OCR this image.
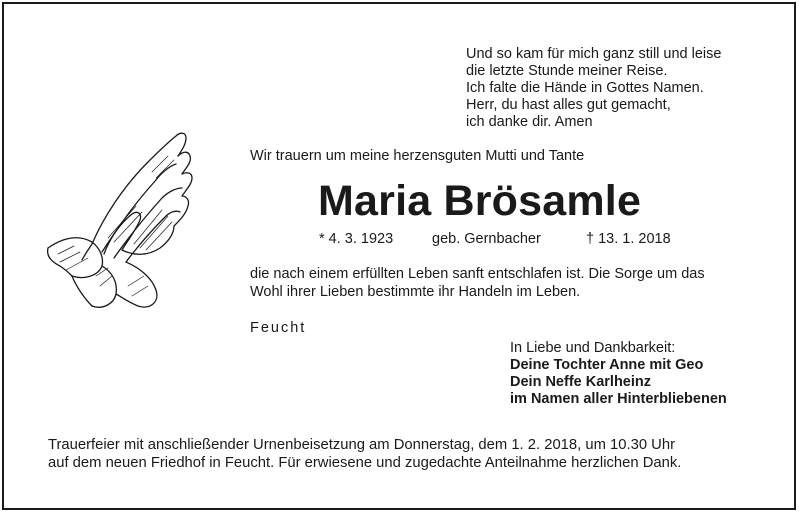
Und so kam für mich ganz still und leise
die letzte Stunde meiner Reise.
Ich falte die Hände in Gottes Namen.
Herr, du hast alles gut gemacht,
ich danke dir. Amen
Wir trauern um meine herzensguten Mutti und Tante
Maria Brösamle
* 4. 3. 1923	geb. Gernbacher	† 13. 1. 2018
die nach einem erfüllten Leben sanft entschlafen ist. Die Sorge um das
Wohl ihrer Lieben bestimmte ihr Handeln im Leben.
Feucht
In Liebe und Dankbarkeit:
Deine Tochter Anne mit Geo
Dein Neffe Karlheinz
im Namen aller Hinterbliebenen
Trauerfeier mit anschließender Urnenbeisetzung am Donnerstag, dem 1. 2. 2018, um 10.30 Uhr
auf dem neuen Friedhof in Feucht. Für erwiesene und zugedachte Anteilnahme herzlichen Dank.
